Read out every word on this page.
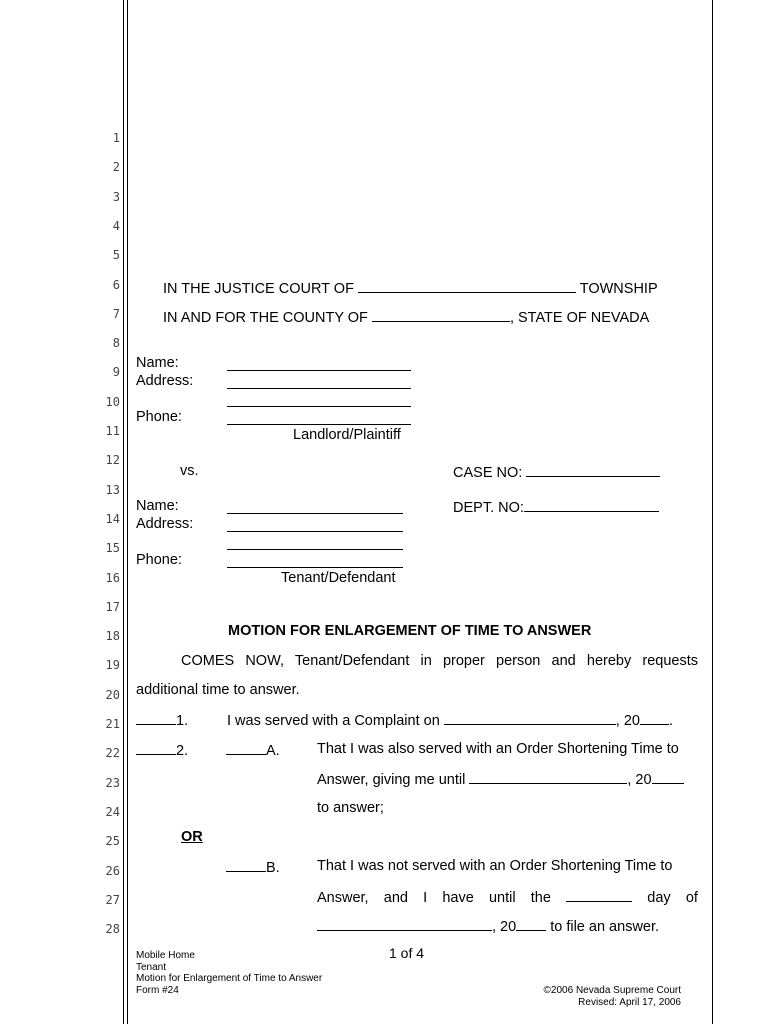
1
2
3
4
5
6
7
8
9
10
11
12
13
14
15
16
17
18
19
20
21
22
23
24
25
26
27
28
IN THE JUSTICE COURT OF	TOWNSHIP
IN AND FOR THE COUNTY OF	, STATE OF NEVADA
Name:
Address:
Phone:
Landlord/Plaintiff
vs.	CASE NO:
Name:	DEPT. NO:
Address:
Phone:
Tenant/Defendant
MOTION FOR ENLARGEMENT OF TIME TO ANSWER
COMES NOW, Tenant/Defendant in proper person and hereby requests
additional time to answer.
1.	I was served with a Complaint on	, 20 .
2.	A.	That I was also served with an Order Shortening Time to
Answer, giving me until	, 20
to answer;
OR
B.	That I was not served with an Order Shortening Time to
Answer, and I have until the	day of
, 20 to file an answer.
Mobile Home
Tenant
Motion for Enlargement of Time to Answer
Form #24
1 of 4
©2006 Nevada Supreme Court
Revised: April 17, 2006
